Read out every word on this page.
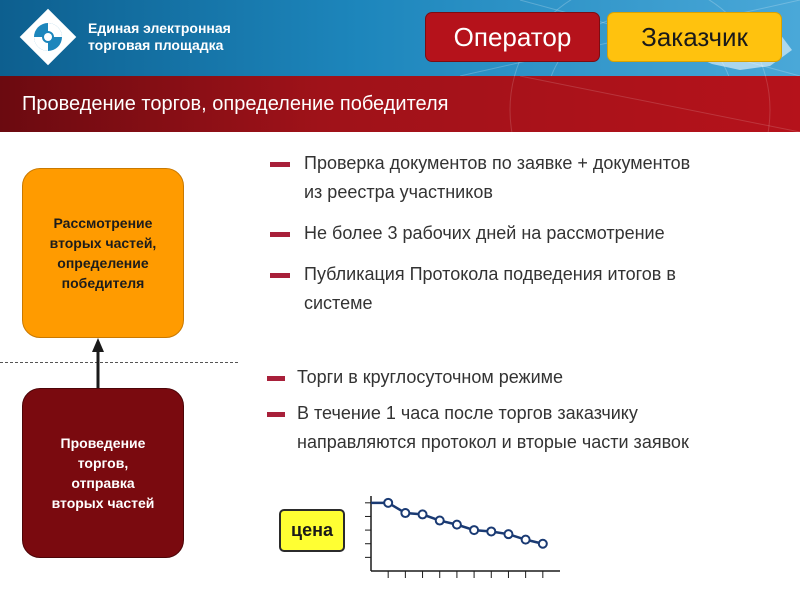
Единая электронная
торговая площадка	Оператор	Заказчик
Проведение торгов, определение победителя
Рассмотрение
вторых частей,
определение
победителя
Проведение
торгов,
отправка
вторых частей
Проверка документов по заявке + документов
из реестра участников
Не более 3 рабочих дней на рассмотрение
Публикация Протокола подведения итогов в
системе
Торги в круглосуточном режиме
В течение 1 часа после торгов заказчику
направляются протокол и вторые части заявок
цена
